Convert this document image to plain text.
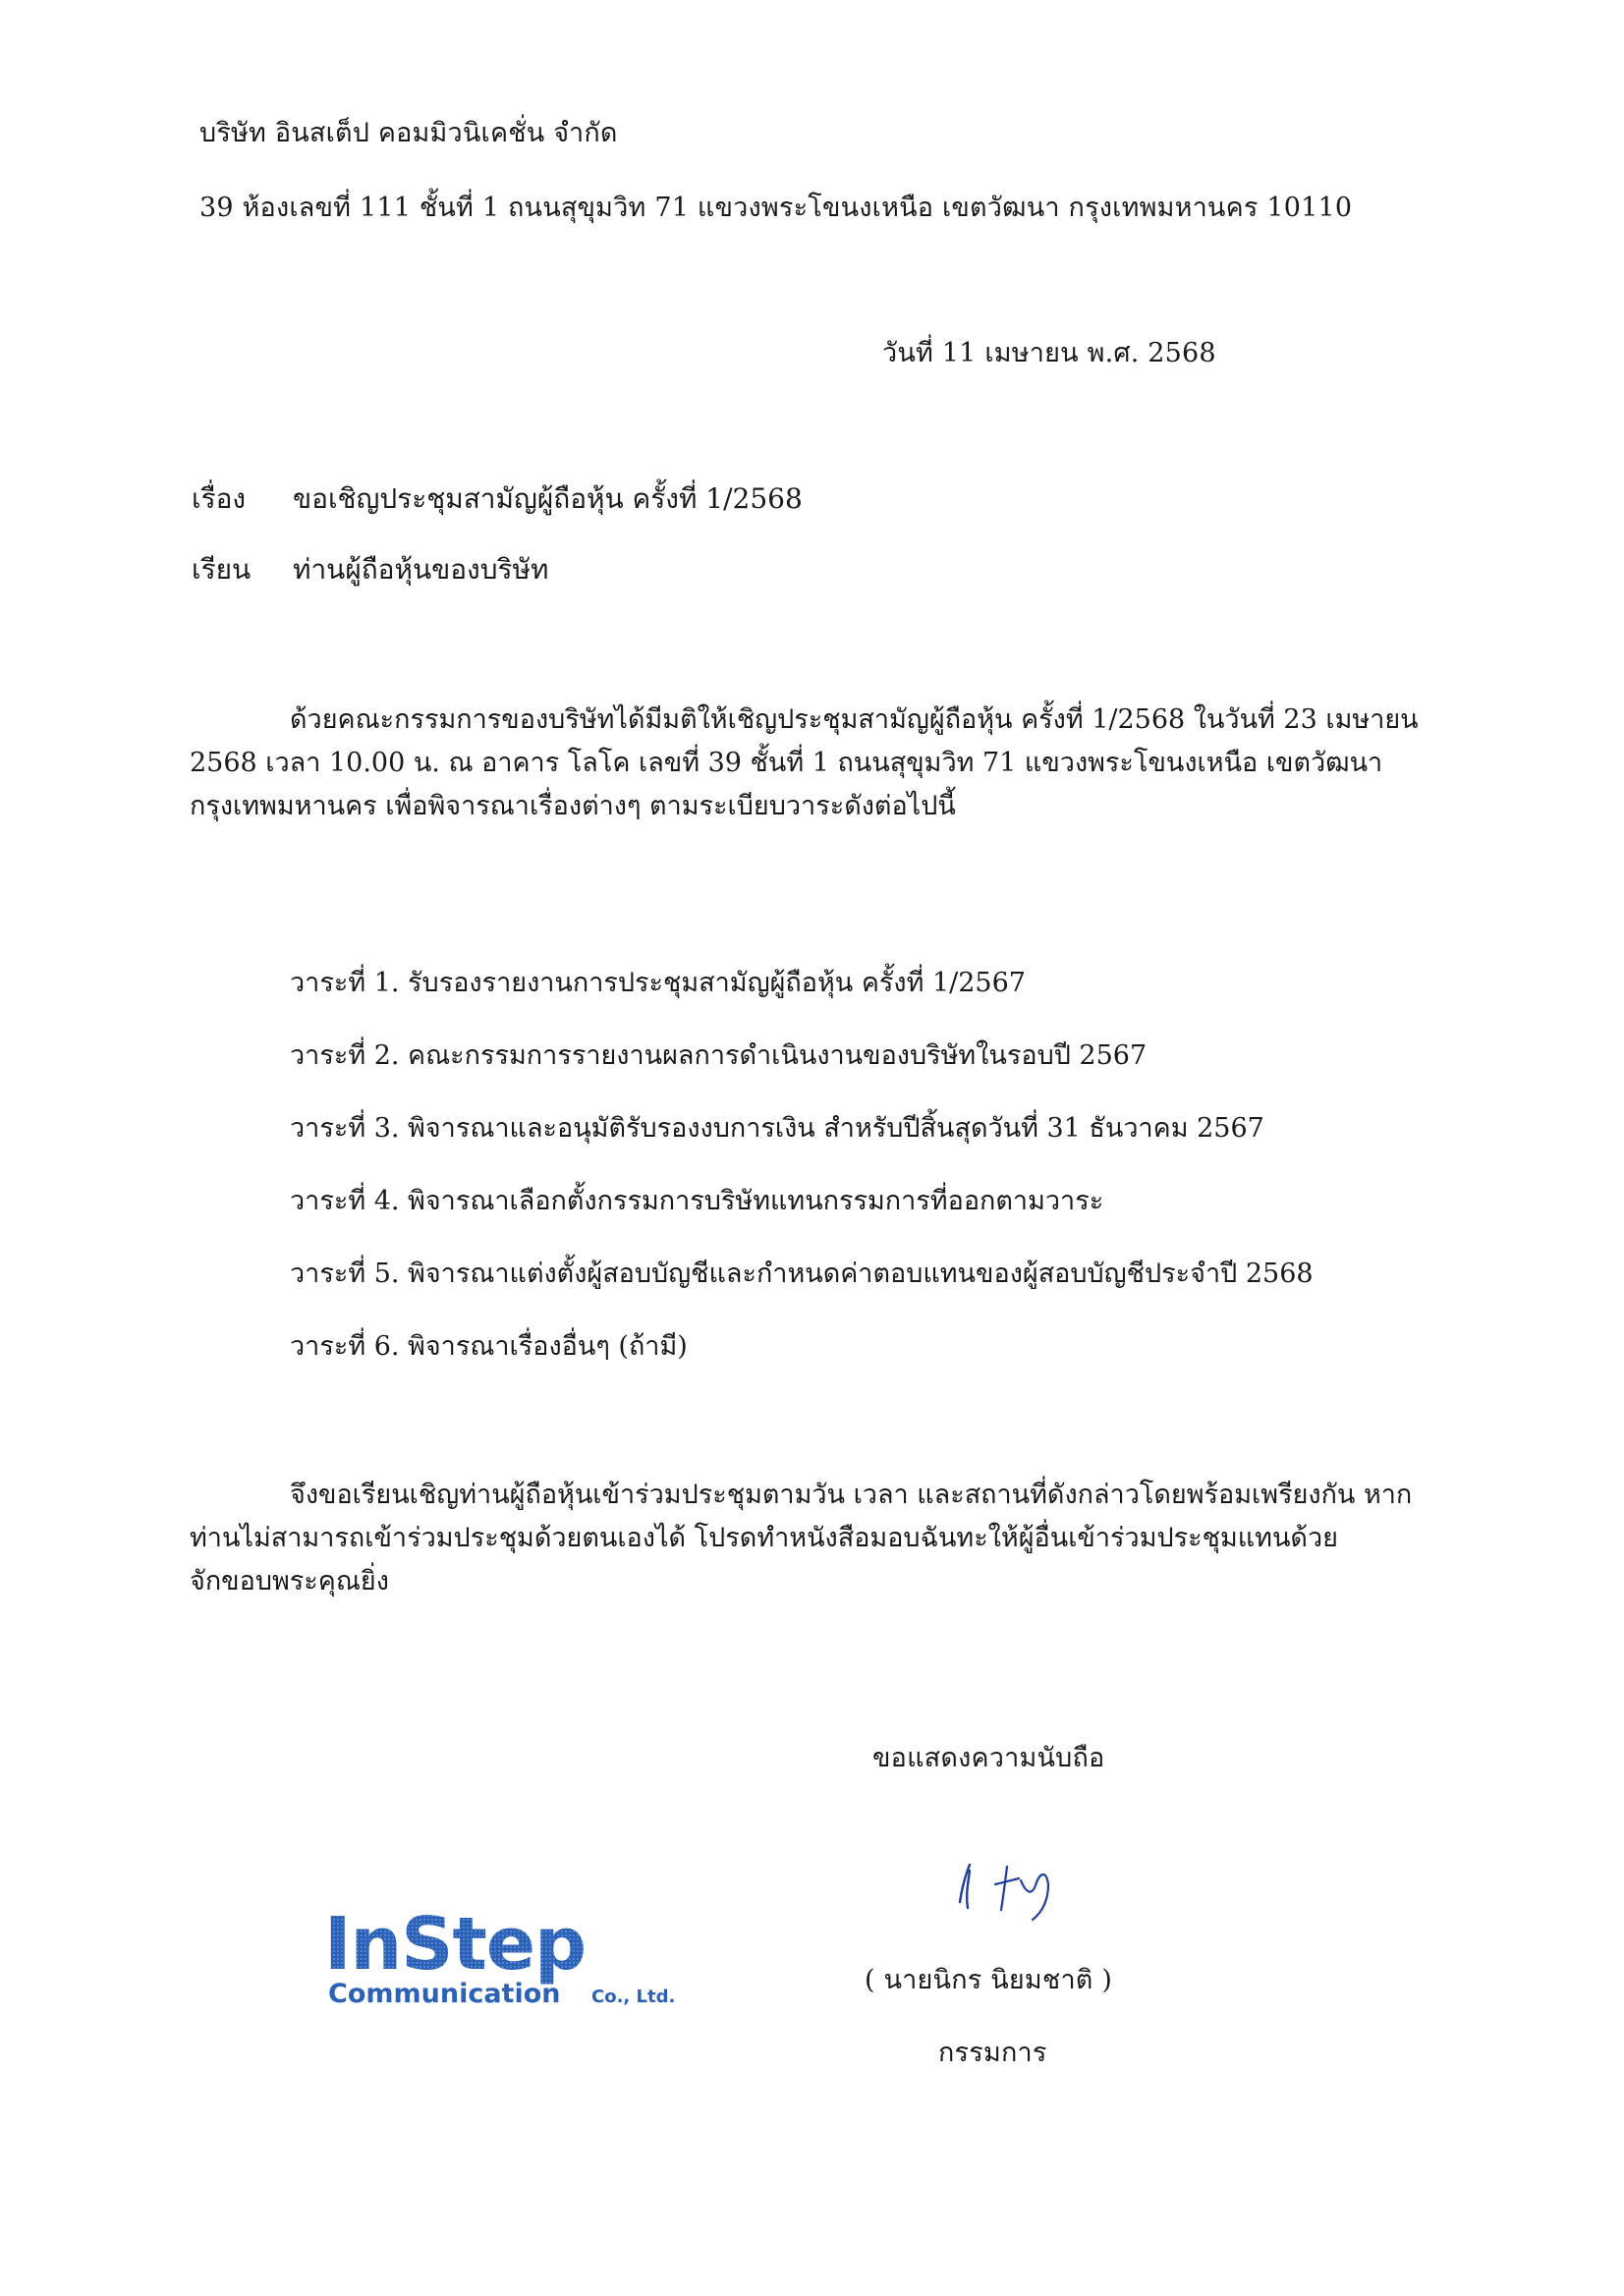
บริษัท อินสเต็ป คอมมิวนิเคชั่น จำกัด
39 ห้องเลขที่ 111 ชั้นที่ 1 ถนนสุขุมวิท 71 แขวงพระโขนงเหนือ เขตวัฒนา กรุงเทพมหานคร 10110
วันที่ 11 เมษายน พ.ศ. 2568
เรื่อง ขอเชิญประชุมสามัญผู้ถือหุ้น ครั้งที่ 1/2568
เรียน ท่านผู้ถือหุ้นของบริษัท
ด้วยคณะกรรมการของบริษัทได้มีมติให้เชิญประชุมสามัญผู้ถือหุ้น ครั้งที่ 1/2568 ในวันที่ 23 เมษายน
2568 เวลา 10.00 น. ณ อาคาร โลโค เลขที่ 39 ชั้นที่ 1 ถนนสุขุมวิท 71 แขวงพระโขนงเหนือ เขตวัฒนา
กรุงเทพมหานคร เพื่อพิจารณาเรื่องต่างๆ ตามระเบียบวาระดังต่อไปนี้
วาระที่ 1. รับรองรายงานการประชุมสามัญผู้ถือหุ้น ครั้งที่ 1/2567
วาระที่ 2. คณะกรรมการรายงานผลการดำเนินงานของบริษัทในรอบปี 2567
วาระที่ 3. พิจารณาและอนุมัติรับรองงบการเงิน สำหรับปีสิ้นสุดวันที่ 31 ธันวาคม 2567
วาระที่ 4. พิจารณาเลือกตั้งกรรมการบริษัทแทนกรรมการที่ออกตามวาระ
วาระที่ 5. พิจารณาแต่งตั้งผู้สอบบัญชีและกำหนดค่าตอบแทนของผู้สอบบัญชีประจำปี 2568
วาระที่ 6. พิจารณาเรื่องอื่นๆ (ถ้ามี)
จึงขอเรียนเชิญท่านผู้ถือหุ้นเข้าร่วมประชุมตามวัน เวลา และสถานที่ดังกล่าวโดยพร้อมเพรียงกัน หาก
ท่านไม่สามารถเข้าร่วมประชุมด้วยตนเองได้ โปรดทำหนังสือมอบฉันทะให้ผู้อื่นเข้าร่วมประชุมแทนด้วย
จักขอบพระคุณยิ่ง
ขอแสดงความนับถือ
( นายนิกร นิยมชาติ )
กรรมการ
InStep
Communication Co., Ltd.
